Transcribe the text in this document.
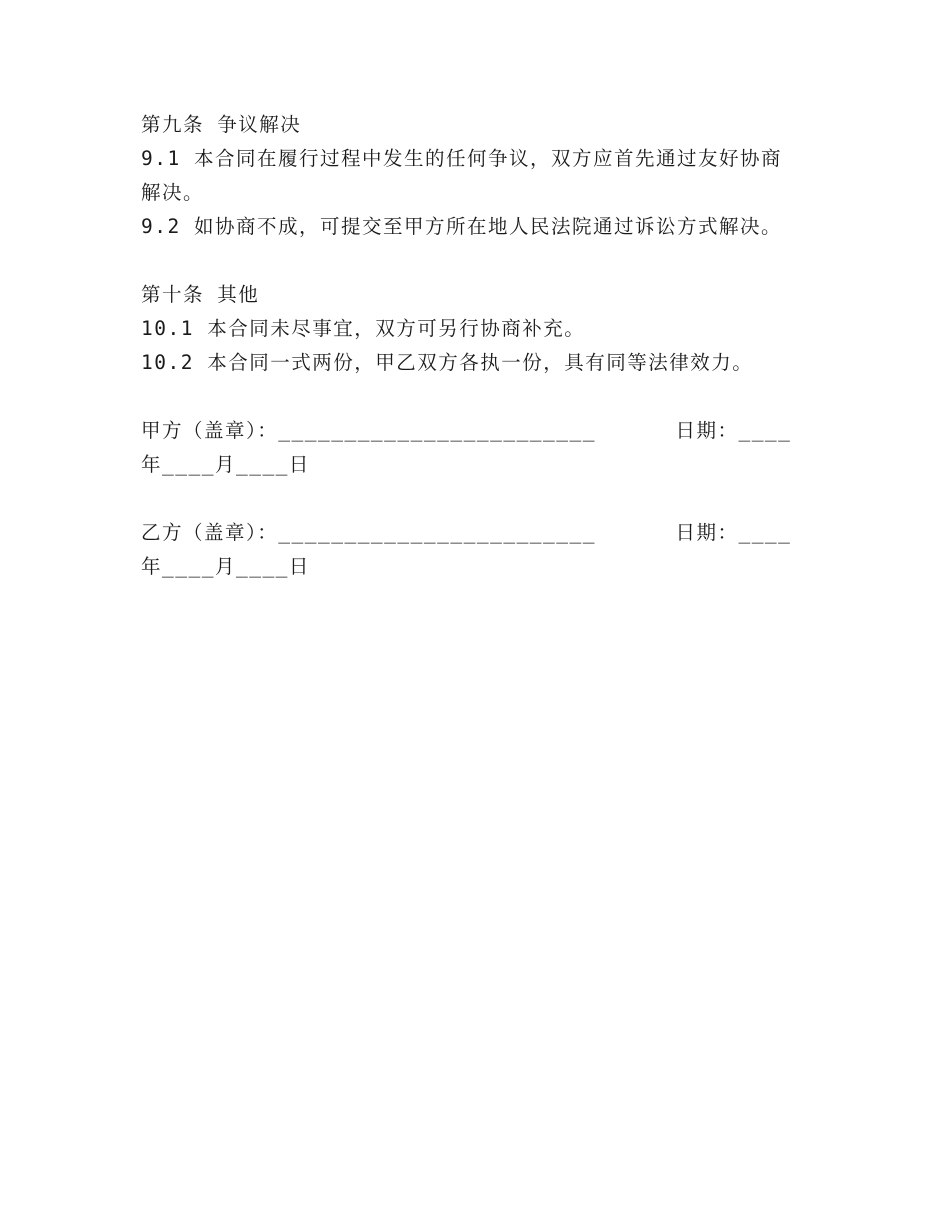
第九条 争议解决
9.1 本合同在履行过程中发生的任何争议，双方应首先通过友好协商解决。
9.2 如协商不成，可提交至甲方所在地人民法院通过诉讼方式解决。
第十条 其他
10.1 本合同未尽事宜，双方可另行协商补充。
10.2 本合同一式两份，甲乙双方各执一份，具有同等法律效力。
甲方（盖章）：________________________      日期：____年____月____日
乙方（盖章）：________________________      日期：____年____月____日
